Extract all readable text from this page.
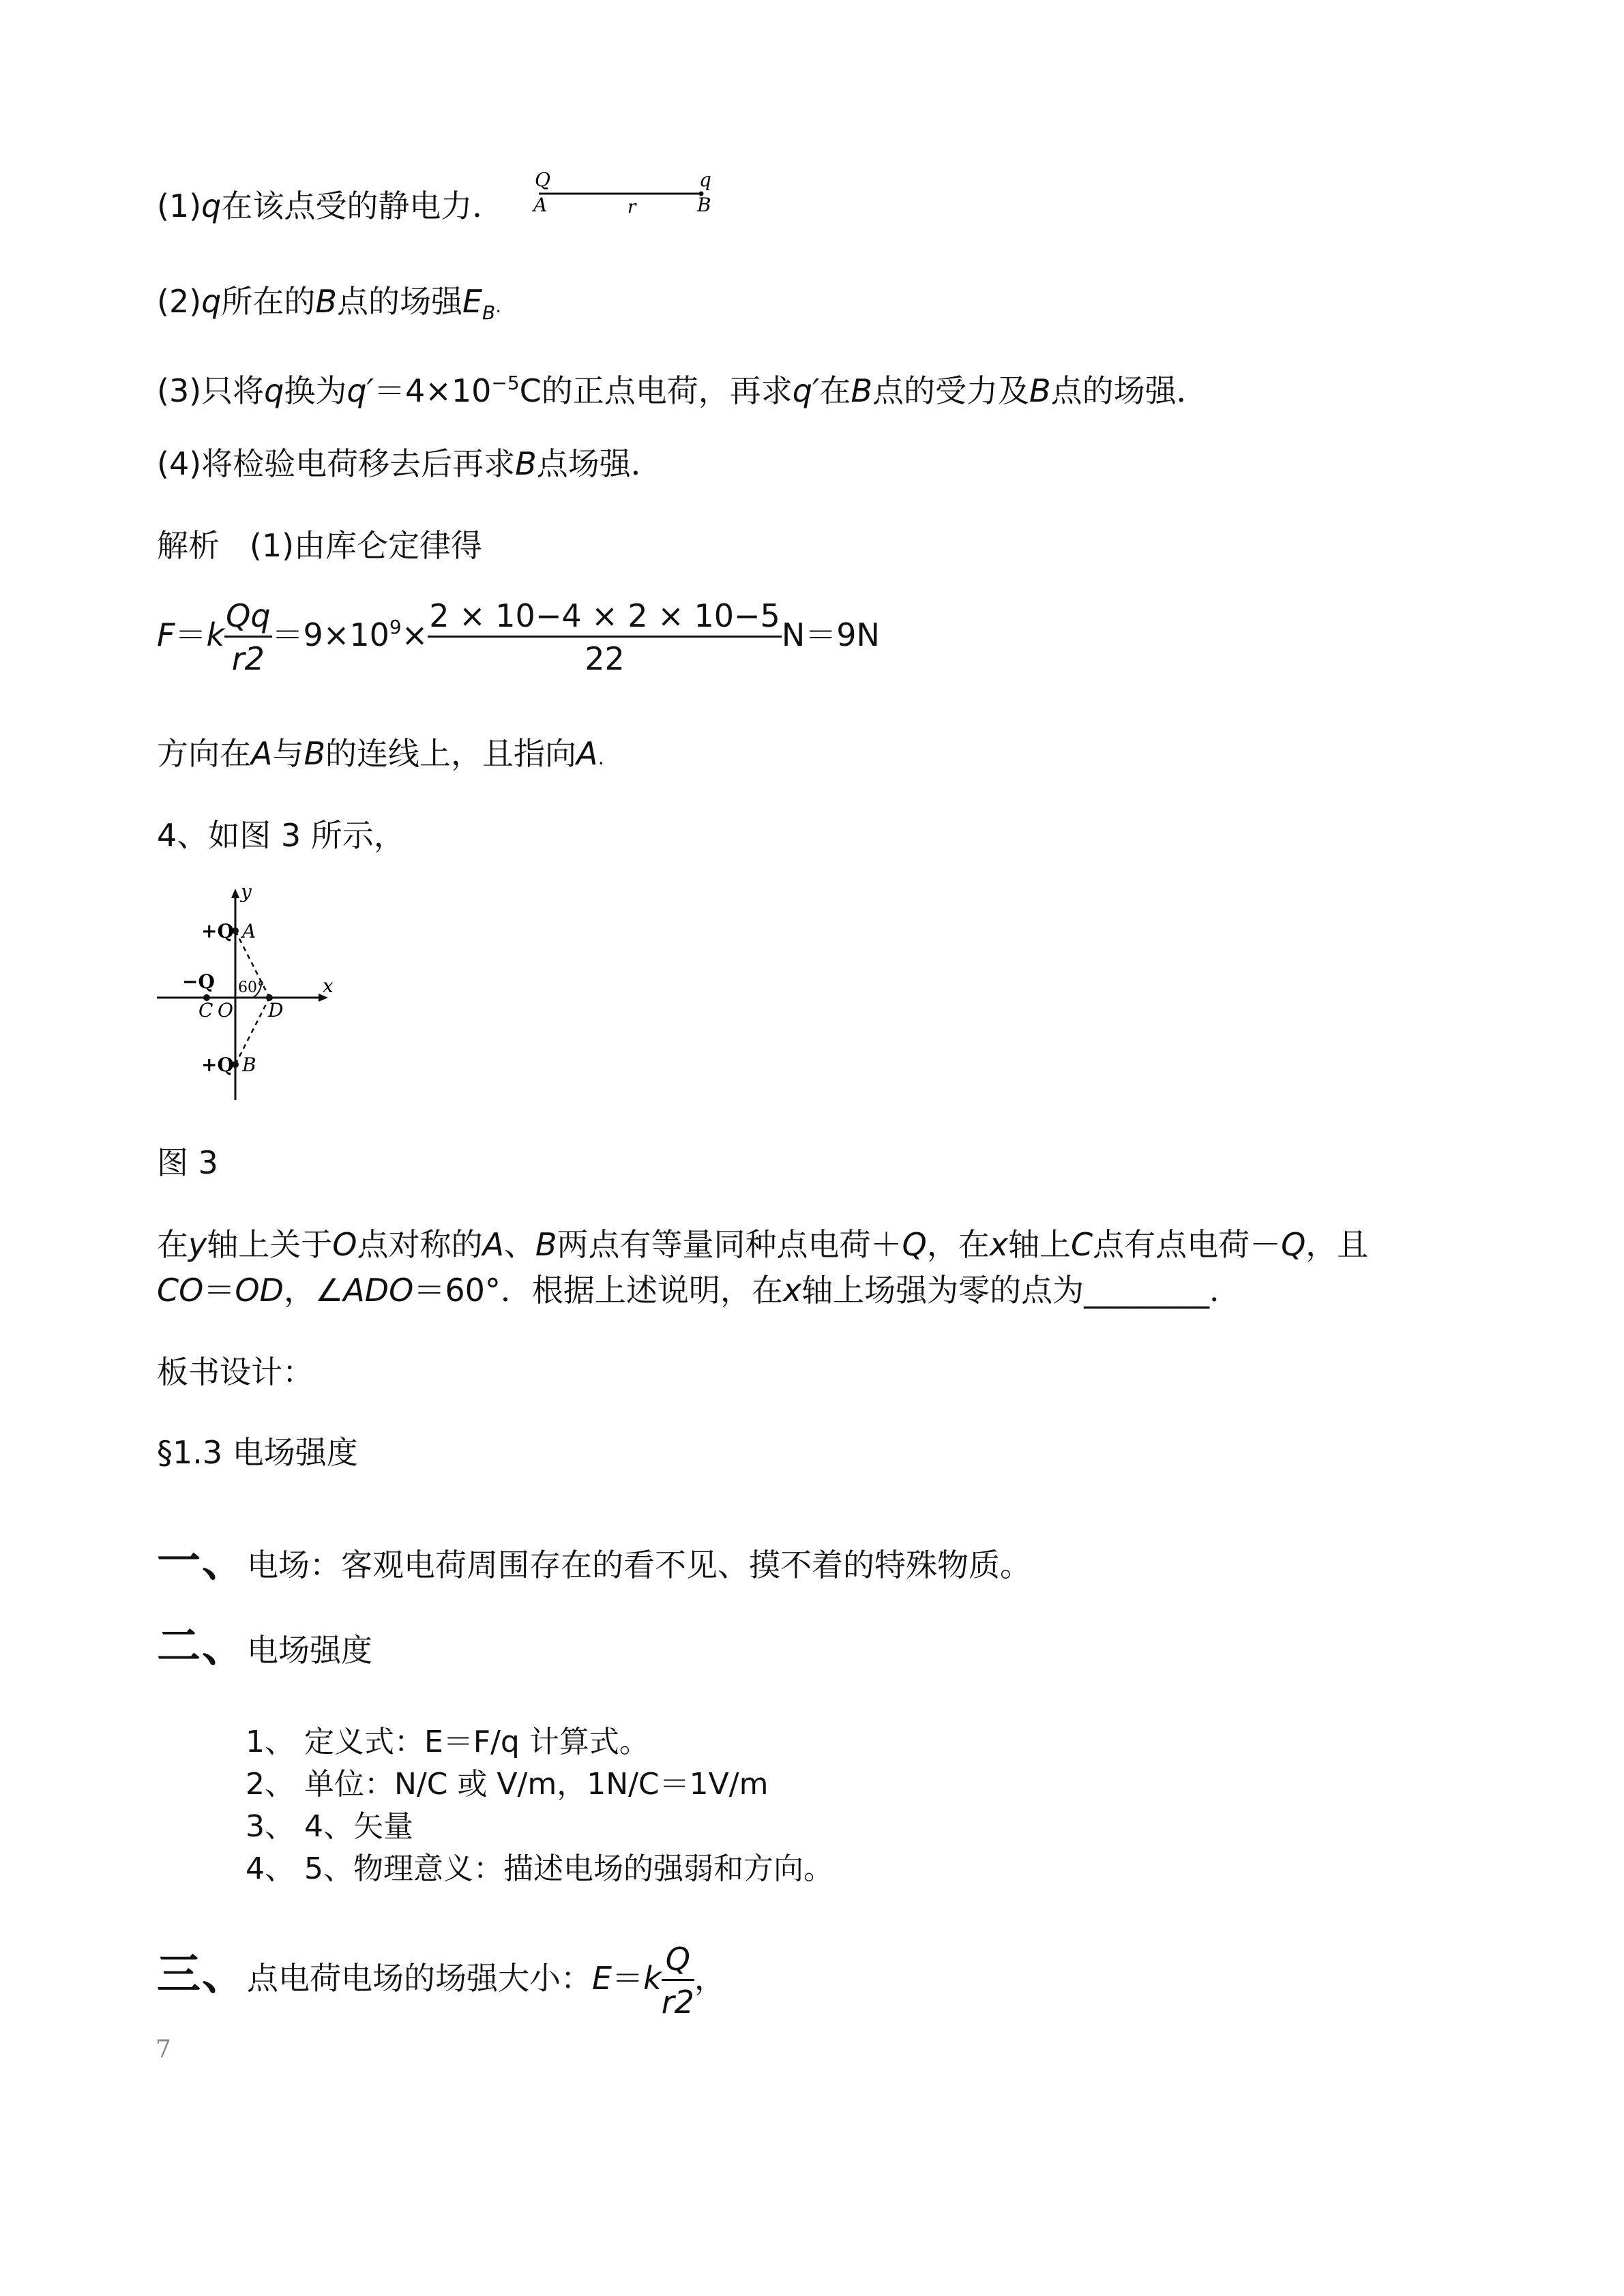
(1)q在该点受的静电力．
Q
A	r
q
B
(2)q所在的B点的场强$E_B$.
(3)只将q换为$q'=4\times 10^{-5}C$的正点电荷，再求q′在B点的受力及B点的场强．
(4)将检验电荷移去后再求B点场强．
解析 (1)由库仑定律得
$F=k \frac{Qq}{r2} =9\times 10^9\times \frac{2 \times 10-4 \times 2 \times 10-5}{22} N=9N$
方向在A与B的连线上，且指向A.
4、如图 3 所示，
y
x
+Q A
−Q 60°
C O D
+Q B
图 3
在y轴上关于O点对称的A、B两点有等量同种点电荷＋Q，在x轴上C点有点电荷－Q，且
CO＝OD，∠ADO＝60°．根据上述说明，在x轴上场强为零的点为________．
板书设计：
§1.3 电场强度
一、电场：客观电荷周围存在的看不见、摸不着的特殊物质。
二、电场强度
1、 定义式：E＝F/q 计算式。
2、 单位：N/C 或 V/m，1N/C＝1V/m
3、 4、矢量
4、 5、物理意义：描述电场的强弱和方向。
三、点电荷电场的场强大小：$E=k \frac{Q}{r2}$ ，
7
